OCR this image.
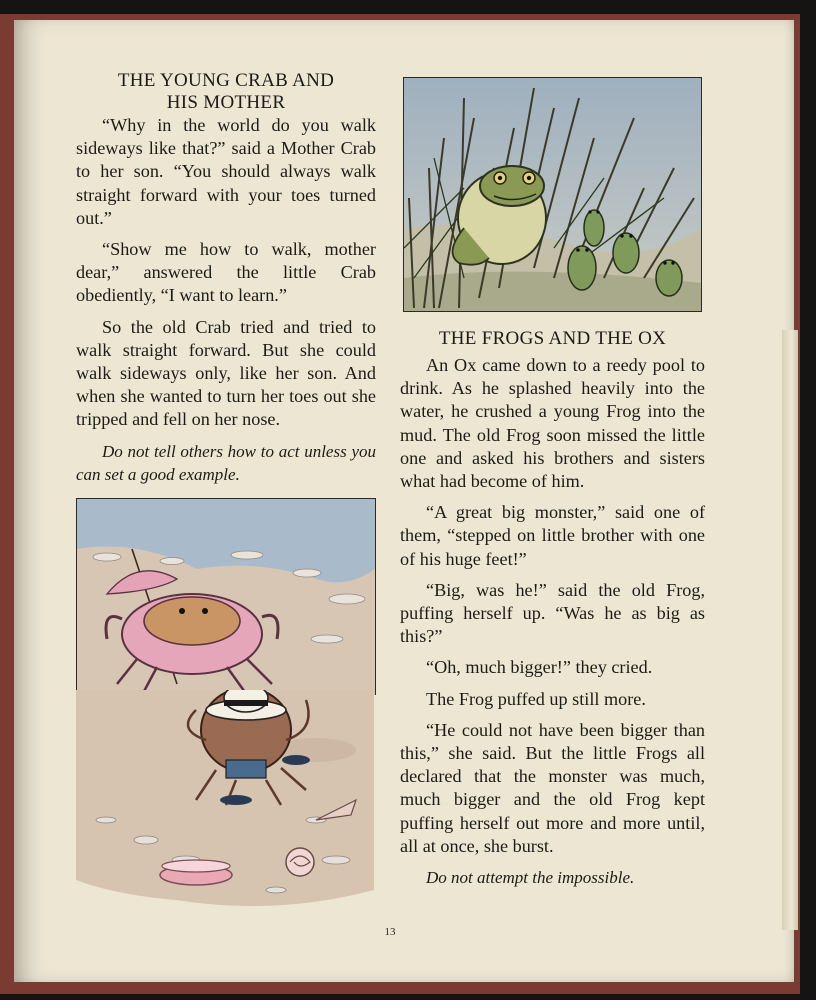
THE YOUNG CRAB AND
HIS MOTHER

“Why in the world do you walk sideways like that?” said a Mother Crab to her son. “You should always walk straight forward with your toes turned out.”

“Show me how to walk, mother dear,” answered the little Crab obediently, “I want to learn.”

So the old Crab tried and tried to walk straight forward. But she could walk sideways only, like her son. And when she wanted to turn her toes out she tripped and fell on her nose.

Do not tell others how to act unless you can set a good example.

THE FROGS AND THE OX

An Ox came down to a reedy pool to drink. As he splashed heavily into the water, he crushed a young Frog into the mud. The old Frog soon missed the little one and asked his brothers and sisters what had become of him.

“A great big monster,” said one of them, “stepped on little brother with one of his huge feet!”

“Big, was he!” said the old Frog, puffing herself up. “Was he as big as this?”

“Oh, much bigger!” they cried.

The Frog puffed up still more.

“He could not have been bigger than this,” she said. But the little Frogs all declared that the monster was much, much bigger and the old Frog kept puffing herself out more and more until, all at once, she burst.

Do not attempt the impossible.

13
